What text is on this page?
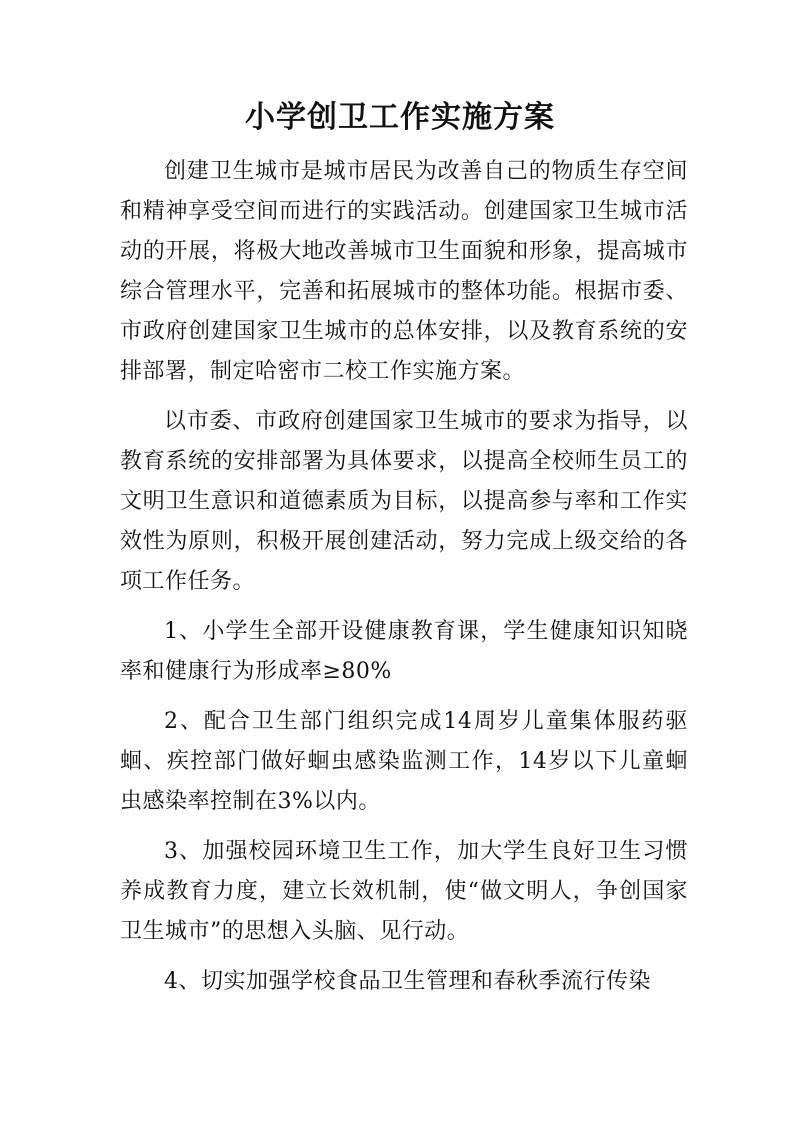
小学创卫工作实施方案

创建卫生城市是城市居民为改善自己的物质生存空间和精神享受空间而进行的实践活动。创建国家卫生城市活动的开展，将极大地改善城市卫生面貌和形象，提高城市综合管理水平，完善和拓展城市的整体功能。根据市委、市政府创建国家卫生城市的总体安排，以及教育系统的安排部署，制定哈密市二校工作实施方案。

以市委、市政府创建国家卫生城市的要求为指导，以教育系统的安排部署为具体要求，以提高全校师生员工的文明卫生意识和道德素质为目标，以提高参与率和工作实效性为原则，积极开展创建活动，努力完成上级交给的各项工作任务。

1、小学生全部开设健康教育课，学生健康知识知晓率和健康行为形成率≥80%

2、配合卫生部门组织完成14周岁儿童集体服药驱蛔、疾控部门做好蛔虫感染监测工作，14岁以下儿童蛔虫感染率控制在3%以内。

3、加强校园环境卫生工作，加大学生良好卫生习惯养成教育力度，建立长效机制，使“做文明人，争创国家卫生城市”的思想入头脑、见行动。

4、切实加强学校食品卫生管理和春秋季流行传染
